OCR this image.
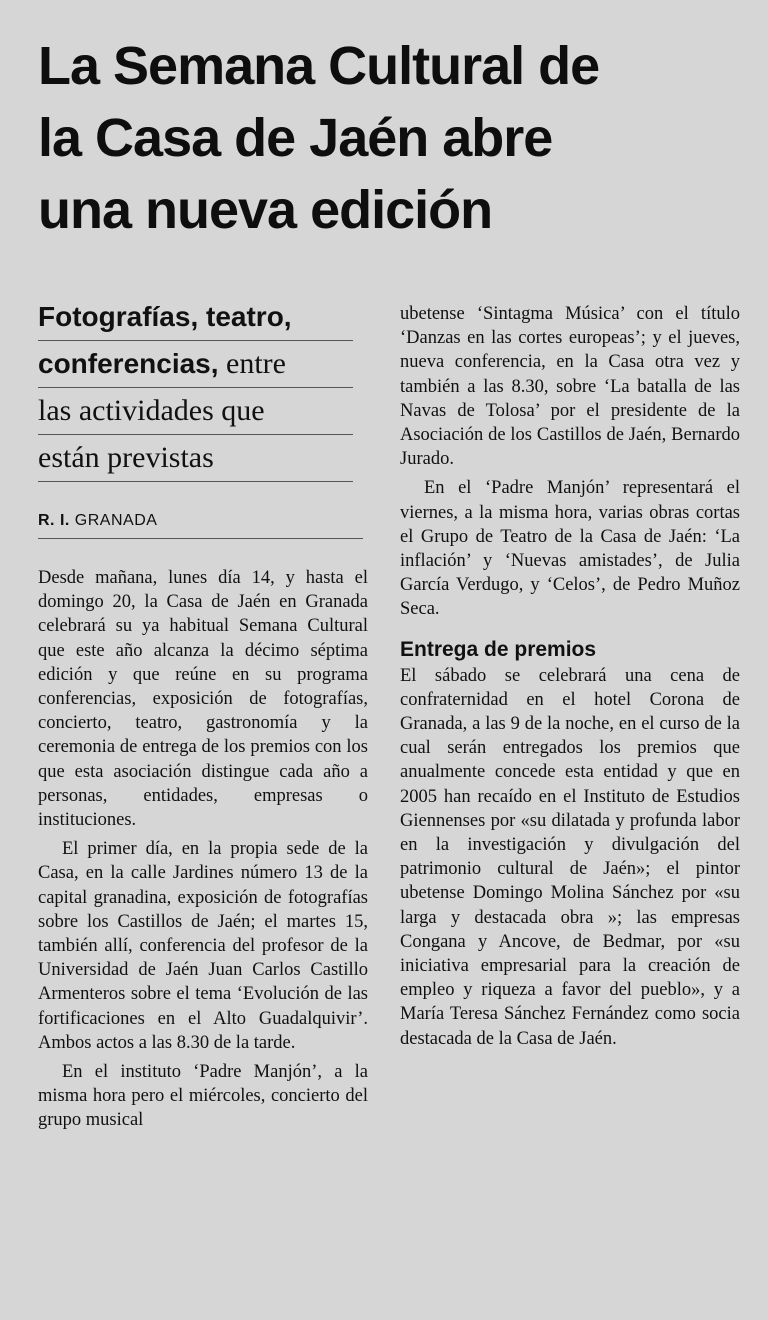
La Semana Cultural de
la Casa de Jaén abre
una nueva edición
Fotografías, teatro,
conferencias, entre
las actividades que
están previstas
R. I. GRANADA

Desde mañana, lunes día 14, y hasta el domingo 20, la Casa de Jaén en Granada celebrará su ya habitual Semana Cultural que este año alcanza la décimo séptima edición y que reúne en su programa conferencias, exposición de fotografías, concierto, teatro, gastronomía y la ceremonia de entrega de los premios con los que esta asociación distingue cada año a personas, entidades, empresas o instituciones.

El primer día, en la propia sede de la Casa, en la calle Jardines número 13 de la capital granadina, exposición de fotografías sobre los Castillos de Jaén; el martes 15, también allí, conferencia del profesor de la Universidad de Jaén Juan Carlos Castillo Armenteros sobre el tema ‘Evolución de las fortificaciones en el Alto Guadalquivir’. Ambos actos a las 8.30 de la tarde.

En el instituto ‘Padre Manjón’, a la misma hora pero el miércoles, concierto del grupo musical

ubetense ‘Sintagma Música’ con el título ‘Danzas en las cortes europeas’; y el jueves, nueva conferencia, en la Casa otra vez y también a las 8.30, sobre ‘La batalla de las Navas de Tolosa’ por el presidente de la Asociación de los Castillos de Jaén, Bernardo Jurado.

En el ‘Padre Manjón’ representará el viernes, a la misma hora, varias obras cortas el Grupo de Teatro de la Casa de Jaén: ‘La inflación’ y ‘Nuevas amistades’, de Julia García Verdugo, y ‘Celos’, de Pedro Muñoz Seca.

Entrega de premios

El sábado se celebrará una cena de confraternidad en el hotel Corona de Granada, a las 9 de la noche, en el curso de la cual serán entregados los premios que anualmente concede esta entidad y que en 2005 han recaído en el Instituto de Estudios Giennenses por «su dilatada y profunda labor en la investigación y divulgación del patrimonio cultural de Jaén»; el pintor ubetense Domingo Molina Sánchez por «su larga y destacada obra »; las empresas Congana y Ancove, de Bedmar, por «su iniciativa empresarial para la creación de empleo y riqueza a favor del pueblo», y a María Teresa Sánchez Fernández como socia destacada de la Casa de Jaén.
